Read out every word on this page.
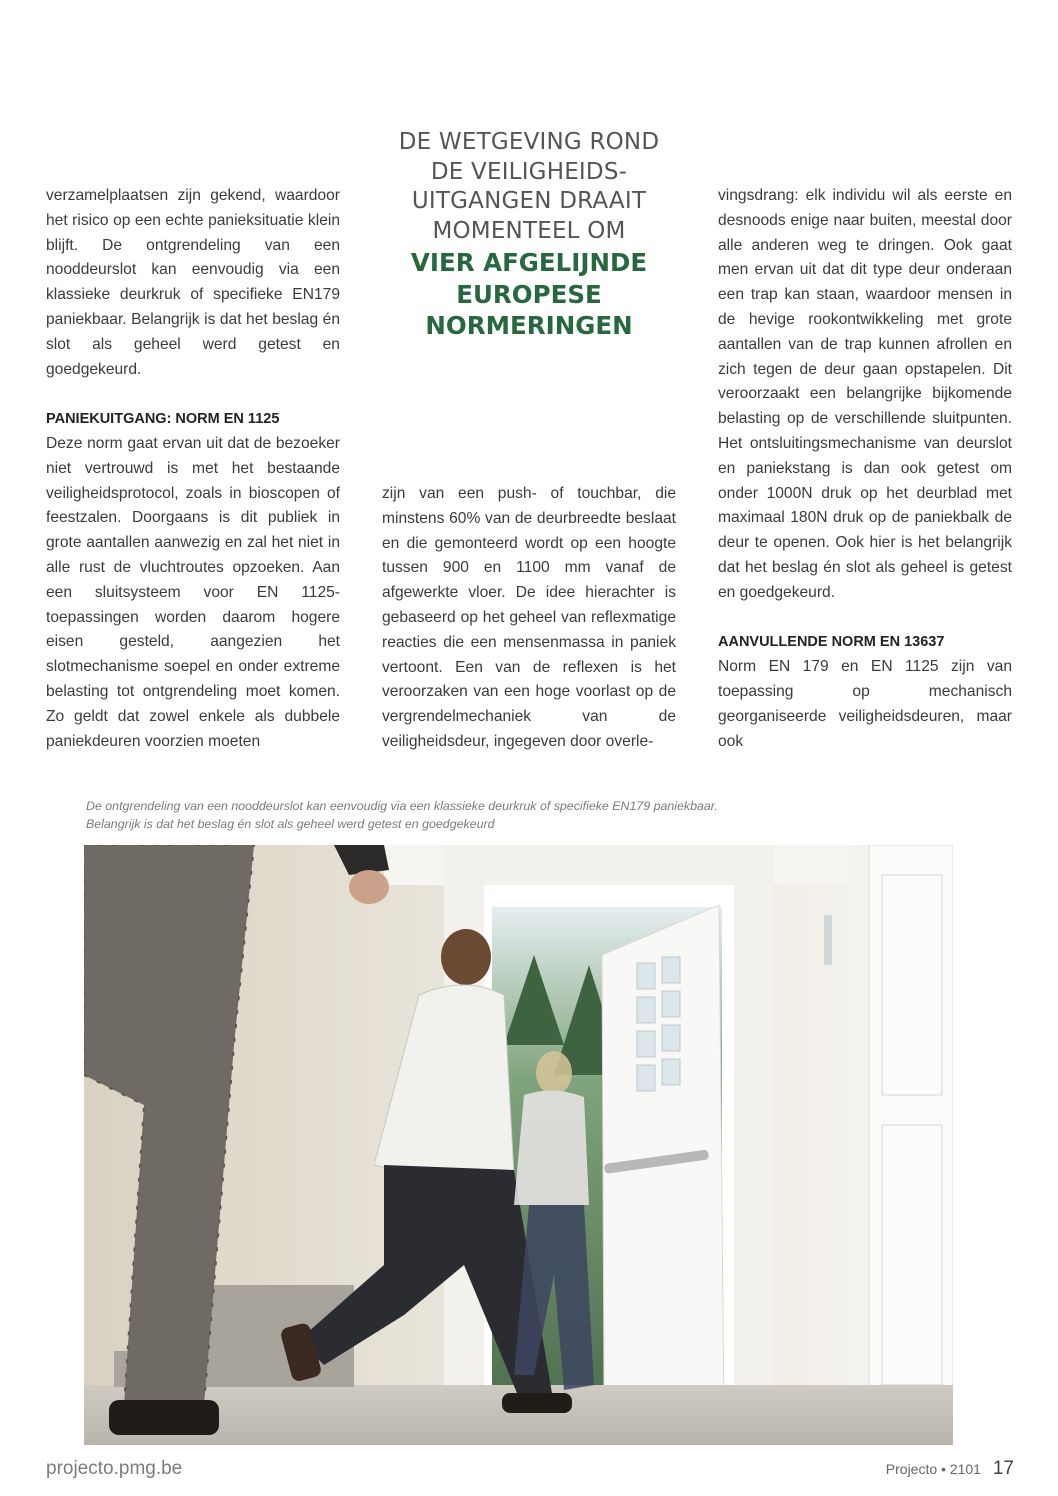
DE WETGEVING ROND
DE VEILIGHEIDS-
UITGANGEN DRAAIT
MOMENTEEL OM
VIER AFGELIJNDE
EUROPESE
NORMERINGEN

verzamelplaatsen zijn gekend, waardoor het risico op een echte panieksituatie klein blijft. De ontgrendeling van een nooddeurslot kan eenvoudig via een klassieke deurkruk of specifieke EN179 paniekbaar. Belangrijk is dat het beslag én slot als geheel werd getest en goedgekeurd.

PANIEKUITGANG: NORM EN 1125

Deze norm gaat ervan uit dat de bezoeker niet vertrouwd is met het bestaande veiligheidsprotocol, zoals in bioscopen of feestzalen. Doorgaans is dit publiek in grote aantallen aanwezig en zal het niet in alle rust de vluchtroutes opzoeken. Aan een sluitsysteem voor EN 1125-toepassingen worden daarom hogere eisen gesteld, aangezien het slotmechanisme soepel en onder extreme belasting tot ontgrendeling moet komen. Zo geldt dat zowel enkele als dubbele paniekdeuren voorzien moeten

zijn van een push- of touchbar, die minstens 60% van de deurbreedte beslaat en die gemonteerd wordt op een hoogte tussen 900 en 1100 mm vanaf de afgewerkte vloer. De idee hierachter is gebaseerd op het geheel van reflexmatige reacties die een mensenmassa in paniek vertoont. Een van de reflexen is het veroorzaken van een hoge voorlast op de vergrendelmechaniek van de veiligheidsdeur, ingegeven door overle-

vingsdrang: elk individu wil als eerste en desnoods enige naar buiten, meestal door alle anderen weg te dringen. Ook gaat men ervan uit dat dit type deur onderaan een trap kan staan, waardoor mensen in de hevige rookontwikkeling met grote aantallen van de trap kunnen afrollen en zich tegen de deur gaan opstapelen. Dit veroorzaakt een belangrijke bijkomende belasting op de verschillende sluitpunten. Het ontsluitingsmechanisme van deurslot en paniekstang is dan ook getest om onder 1000N druk op het deurblad met maximaal 180N druk op de paniekbalk de deur te openen. Ook hier is het belangrijk dat het beslag én slot als geheel is getest en goedgekeurd.

AANVULLENDE NORM EN 13637

Norm EN 179 en EN 1125 zijn van toepassing op mechanisch georganiseerde veiligheidsdeuren, maar ook

De ontgrendeling van een nooddeurslot kan eenvoudig via een klassieke deurkruk of specifieke EN179 paniekbaar.
Belangrijk is dat het beslag én slot als geheel werd getest en goedgekeurd
projecto.pmg.be	Projecto • 2101 17
